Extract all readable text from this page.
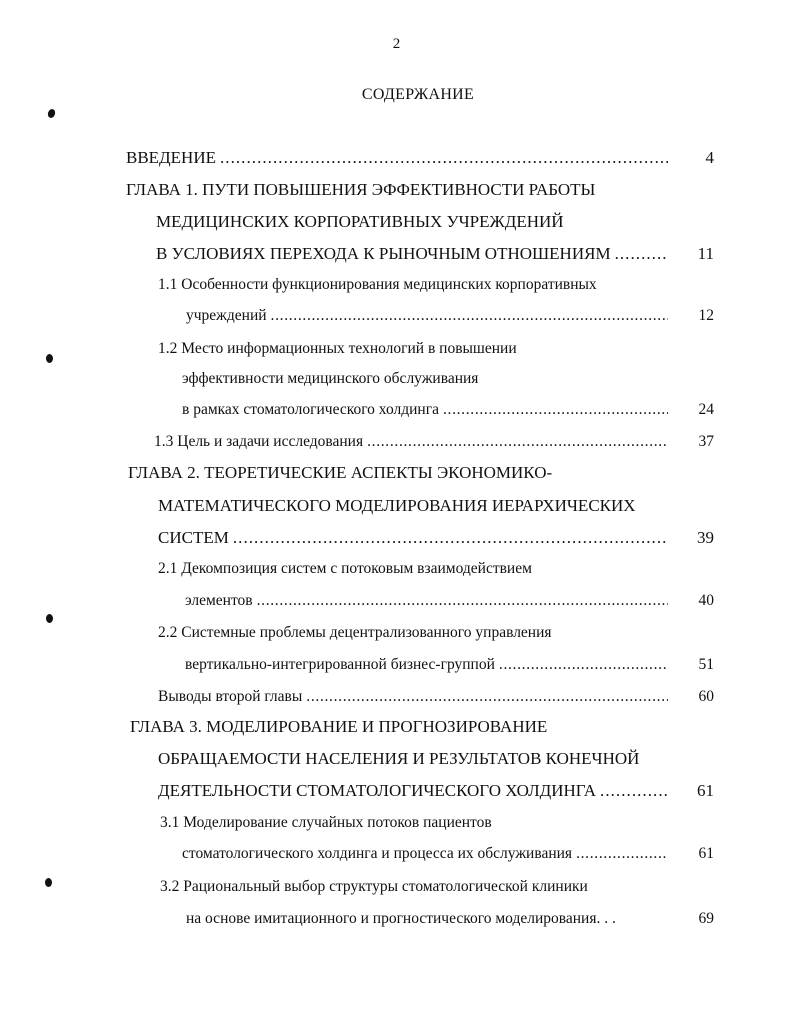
2
СОДЕРЖАНИЕ
ВВЕДЕНИЕ . . .	4
ГЛАВА 1. ПУТИ ПОВЫШЕНИЯ ЭФФЕКТИВНОСТИ РАБОТЫ
МЕДИЦИНСКИХ КОРПОРАТИВНЫХ УЧРЕЖДЕНИЙ
В УСЛОВИЯХ ПЕРЕХОДА К РЫНОЧНЫМ ОТНОШЕНИЯМ . . .	11
1.1 Особенности функционирования медицинских корпоративных
учреждений . . .	12
1.2 Место информационных технологий в повышении
эффективности медицинского обслуживания
в рамках стоматологического холдинга . . .	24
1.3 Цель и задачи исследования . . .	37
ГЛАВА 2. ТЕОРЕТИЧЕСКИЕ АСПЕКТЫ ЭКОНОМИКО-
МАТЕМАТИЧЕСКОГО МОДЕЛИРОВАНИЯ ИЕРАРХИЧЕСКИХ
СИСТЕМ . . .	39
2.1 Декомпозиция систем с потоковым взаимодействием
элементов . . .	40
2.2 Системные проблемы децентрализованного управления
вертикально-интегрированной бизнес-группой . . .	51
Выводы второй главы . . .	60
ГЛАВА 3. МОДЕЛИРОВАНИЕ И ПРОГНОЗИРОВАНИЕ
ОБРАЩАЕМОСТИ НАСЕЛЕНИЯ И РЕЗУЛЬТАТОВ КОНЕЧНОЙ
ДЕЯТЕЛЬНОСТИ СТОМАТОЛОГИЧЕСКОГО ХОЛДИНГА . . .	61
3.1 Моделирование случайных потоков пациентов
стоматологического холдинга и процесса их обслуживания . . .	61
3.2 Рациональный выбор структуры стоматологической клиники
на основе имитационного и прогностического моделирования. . .	69
